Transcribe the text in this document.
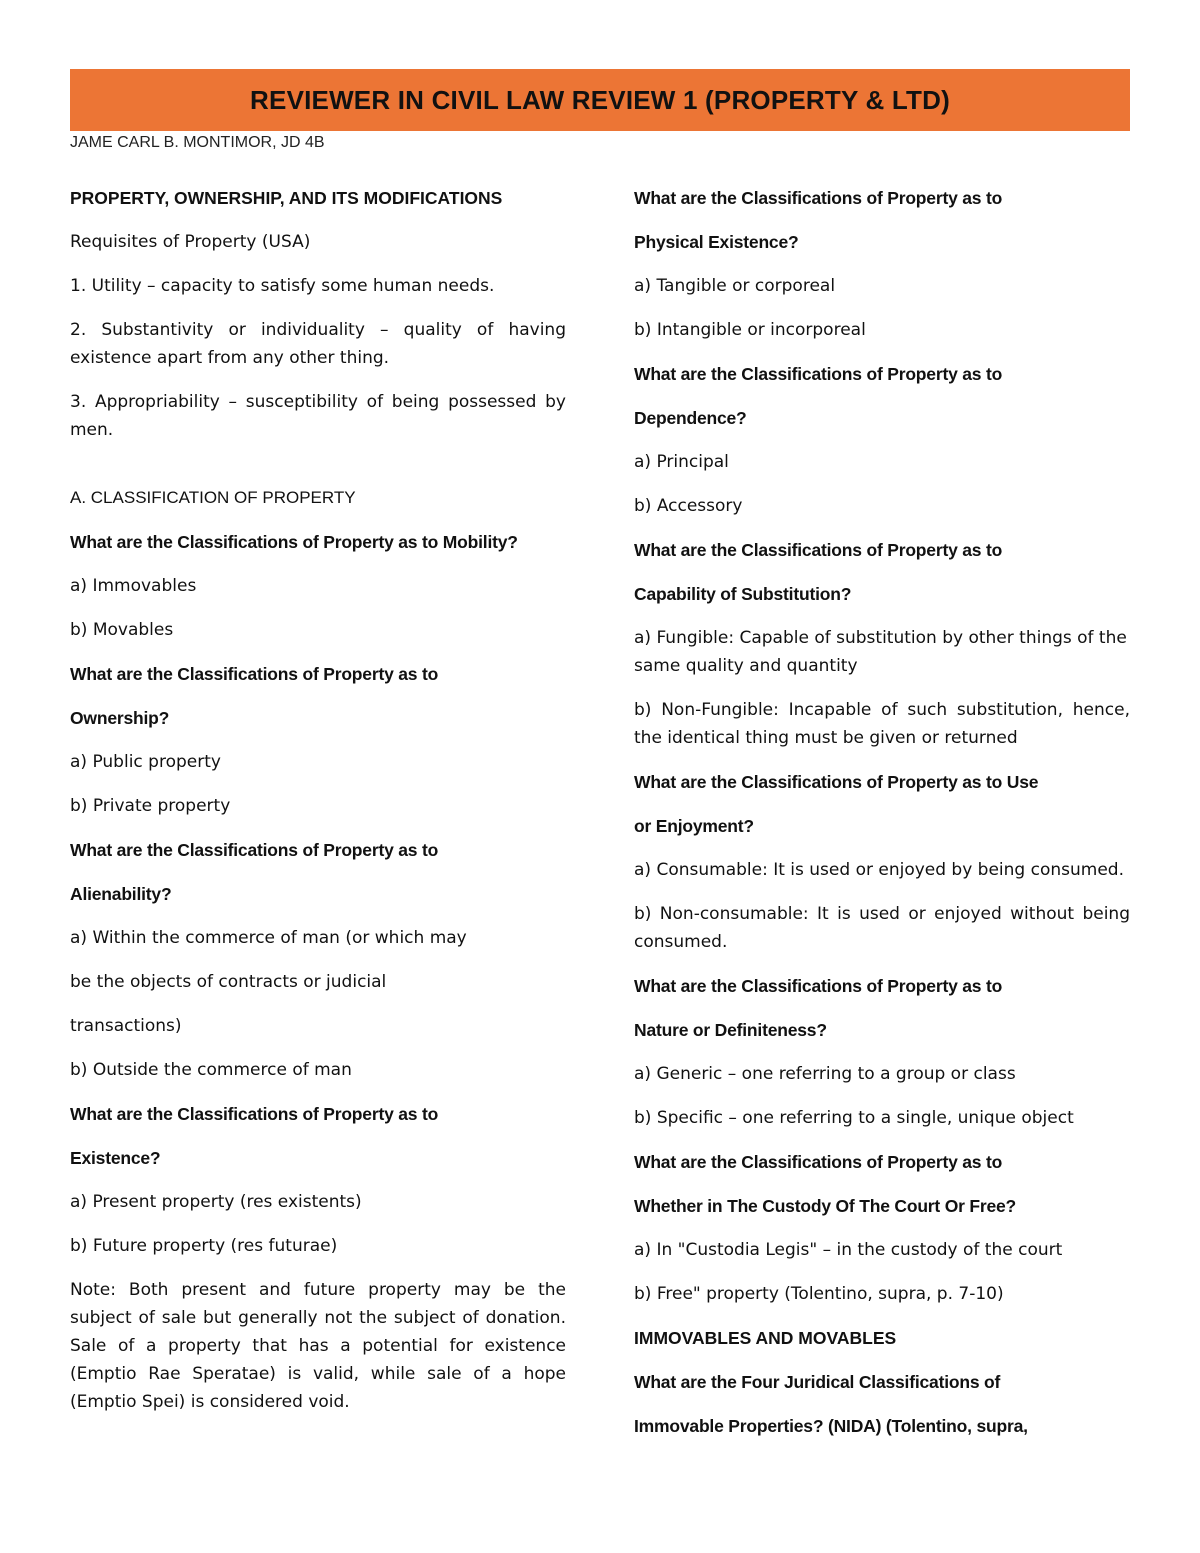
REVIEWER IN CIVIL LAW REVIEW 1 (PROPERTY & LTD)
JAME CARL B. MONTIMOR, JD 4B
PROPERTY, OWNERSHIP, AND ITS MODIFICATIONS
Requisites of Property (USA)
1. Utility – capacity to satisfy some human needs.
2. Substantivity or individuality – quality of having existence apart from any other thing.
3. Appropriability – susceptibility of being possessed by men.
A. CLASSIFICATION OF PROPERTY
What are the Classifications of Property as to Mobility?
a) Immovables
b) Movables
What are the Classifications of Property as to
Ownership?
a) Public property
b) Private property
What are the Classifications of Property as to
Alienability?
a) Within the commerce of man (or which may
be the objects of contracts or judicial
transactions)
b) Outside the commerce of man
What are the Classifications of Property as to
Existence?
a) Present property (res existents)
b) Future property (res futurae)
Note: Both present and future property may be the subject of sale but generally not the subject of donation. Sale of a property that has a potential for existence (Emptio Rae Speratae) is valid, while sale of a hope (Emptio Spei) is considered void.
What are the Classifications of Property as to
Physical Existence?
a) Tangible or corporeal
b) Intangible or incorporeal
What are the Classifications of Property as to
Dependence?
a) Principal
b) Accessory
What are the Classifications of Property as to
Capability of Substitution?
a) Fungible: Capable of substitution by other things of the same quality and quantity
b) Non-Fungible: Incapable of such substitution, hence, the identical thing must be given or returned
What are the Classifications of Property as to Use
or Enjoyment?
a) Consumable: It is used or enjoyed by being consumed.
b) Non-consumable: It is used or enjoyed without being consumed.
What are the Classifications of Property as to
Nature or Definiteness?
a) Generic – one referring to a group or class
b) Specific – one referring to a single, unique object
What are the Classifications of Property as to
Whether in The Custody Of The Court Or Free?
a) In "Custodia Legis" – in the custody of the court
b) Free" property (Tolentino, supra, p. 7-10)
IMMOVABLES AND MOVABLES
What are the Four Juridical Classifications of
Immovable Properties? (NIDA) (Tolentino, supra,
